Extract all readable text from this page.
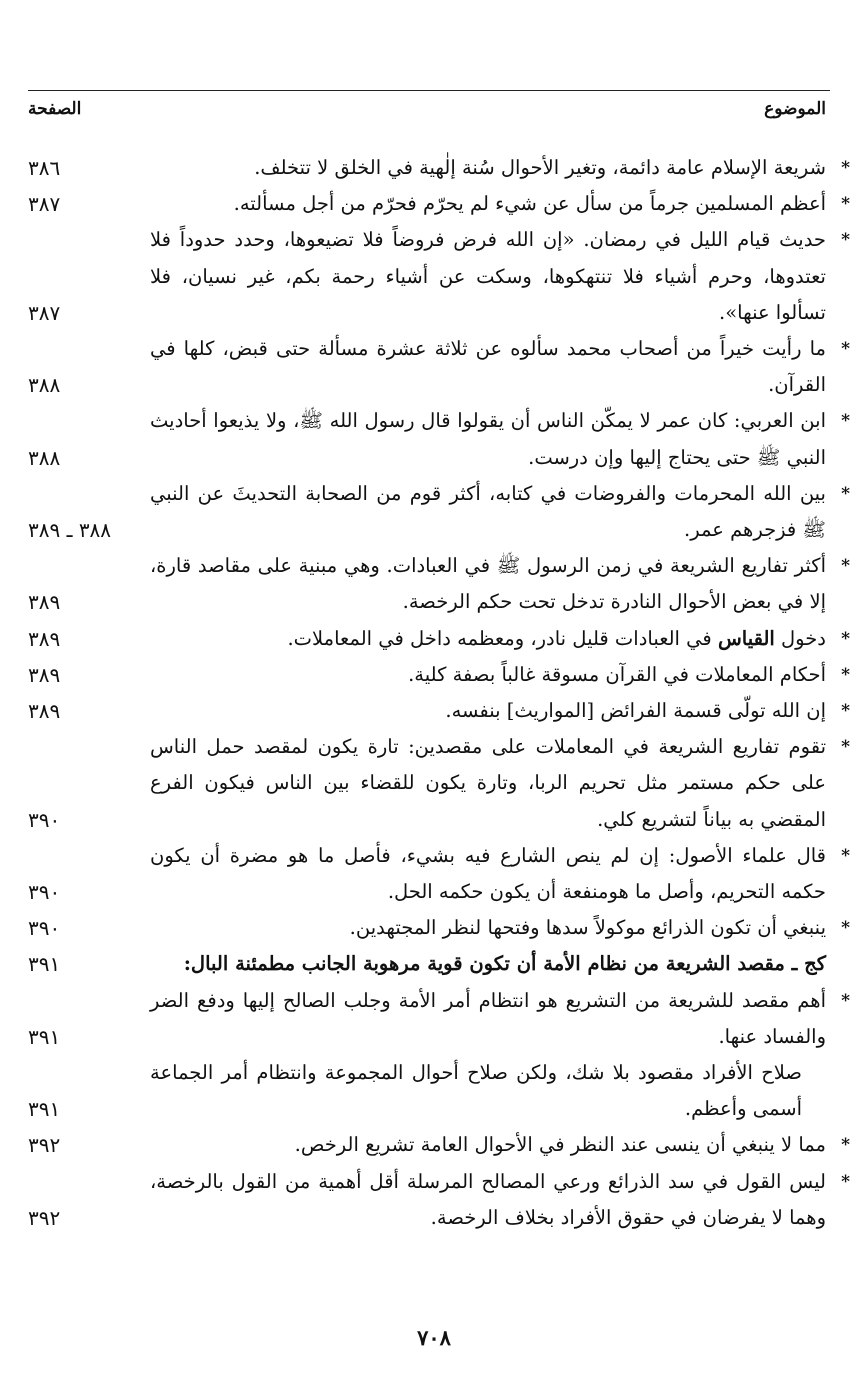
الموضوع
الصفحة
*
شريعة الإسلام عامة دائمة، وتغير الأحوال سُنة إلٰهية في الخلق لا تتخلف.
٣٨٦
*
أعظم المسلمين جرماً من سأل عن شيء لم يحرّم فحرّم من أجل مسألته.
٣٨٧
*
حديث قيام الليل في رمضان. «إن الله فرض فروضاً فلا تضيعوها، وحدد حدوداً فلا تعتدوها، وحرم أشياء فلا تنتهكوها، وسكت عن أشياء رحمة بكم، غير نسيان، فلا تسألوا عنها».
٣٨٧
*
ما رأيت خيراً من أصحاب محمد سألوه عن ثلاثة عشرة مسألة حتى قبض، كلها في القرآن.
٣٨٨
*
ابن العربي: كان عمر لا يمكّن الناس أن يقولوا قال رسول الله ﷺ، ولا يذيعوا أحاديث النبي ﷺ حتى يحتاج إليها وإن درست.
٣٨٨
*
بين الله المحرمات والفروضات في كتابه، أكثر قوم من الصحابة التحديثَ عن النبي ﷺ فزجرهم عمر.
٣٨٨ ـ ٣٨٩
*
أكثر تفاريع الشريعة في زمن الرسول ﷺ في العبادات. وهي مبنية على مقاصد قارة، إلا في بعض الأحوال النادرة تدخل تحت حكم الرخصة.
٣٨٩
*
دخول القياس في العبادات قليل نادر، ومعظمه داخل في المعاملات.
٣٨٩
*
أحكام المعاملات في القرآن مسوقة غالباً بصفة كلية.
٣٨٩
*
إن الله تولّى قسمة الفرائض [المواريث] بنفسه.
٣٨٩
*
تقوم تفاريع الشريعة في المعاملات على مقصدين: تارة يكون لمقصد حمل الناس على حكم مستمر مثل تحريم الربا، وتارة يكون للقضاء بين الناس فيكون الفرع المقضي به بياناً لتشريع كلي.
٣٩٠
*
قال علماء الأصول: إن لم ينص الشارع فيه بشيء، فأصل ما هو مضرة أن يكون حكمه التحريم، وأصل ما هومنفعة أن يكون حكمه الحل.
٣٩٠
*
ينبغي أن تكون الذرائع موكولاً سدها وفتحها لنظر المجتهدين.
٣٩٠
كج ـ مقصد الشريعة من نظام الأمة أن تكون قوية مرهوبة الجانب مطمئنة البال:
٣٩١
*
أهم مقصد للشريعة من التشريع هو انتظام أمر الأمة وجلب الصالح إليها ودفع الضر والفساد عنها.
٣٩١
صلاح الأفراد مقصود بلا شك، ولكن صلاح أحوال المجموعة وانتظام أمر الجماعة أسمى وأعظم.
٣٩١
*
مما لا ينبغي أن ينسى عند النظر في الأحوال العامة تشريع الرخص.
٣٩٢
*
ليس القول في سد الذرائع ورعي المصالح المرسلة أقل أهمية من القول بالرخصة، وهما لا يفرضان في حقوق الأفراد بخلاف الرخصة.
٣٩٢
٧٠٨
